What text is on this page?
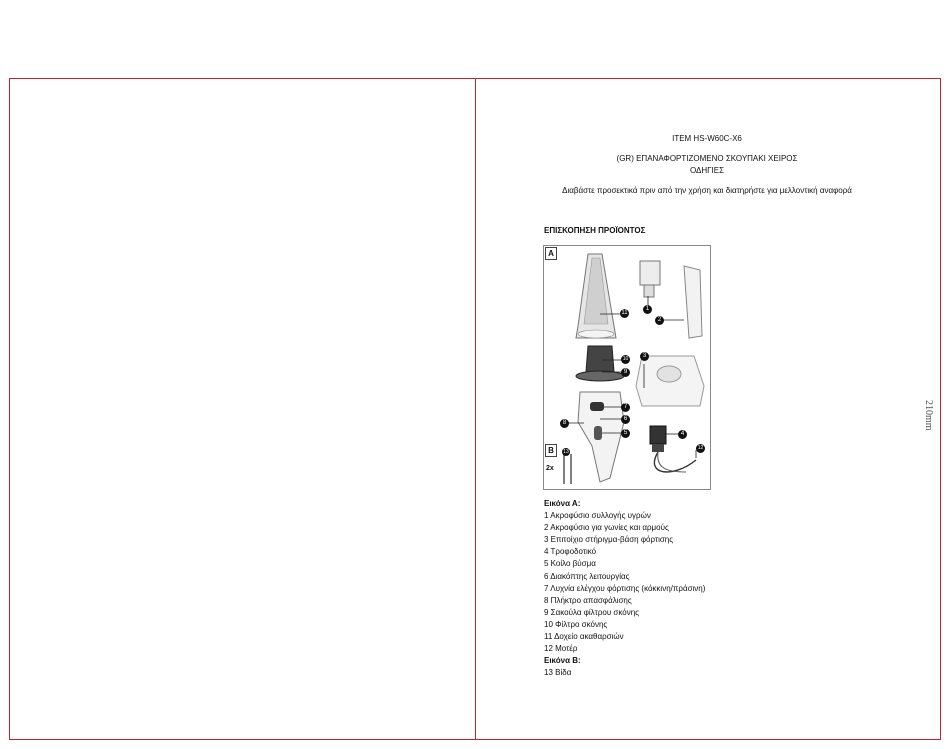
ITEM HS-W60C-X6
(GR) ΕΠΑΝΑΦΟΡΤΙΖΟΜΕΝΟ ΣΚΟΥΠΑΚΙ ΧΕΙΡΟΣ
ΟΔΗΓΙΕΣ
Διαβάστε προσεκτικά πριν από την χρήση και διατηρήστε για μελλοντική αναφορά
ΕΠΙΣΚΟΠΗΣΗ ΠΡΟΪΟΝΤΟΣ
A
B
11
1
2
10
9
7
6
8
5	4
3
12
13
2x
Εικόνα Α:
1 Ακροφύσιο συλλογής υγρών
2 Ακροφύσιο για γωνίες και αρμούς
3 Επιτοίχιο στήριγμα-βάση φόρτισης
4 Τροφοδοτικό
5 Κοίλο βύσμα
6 Διακόπτης λειτουργίας
7 Λυχνία ελέγχου φόρτισης (κόκκινη/πράσινη)
8 Πλήκτρο απασφάλισης
9 Σακούλα φίλτρου σκόνης
10 Φίλτρο σκόνης
11 Δοχείο ακαθαρσιών
12 Μοτέρ
Εικόνα Β:
13 Βίδα
210mm
